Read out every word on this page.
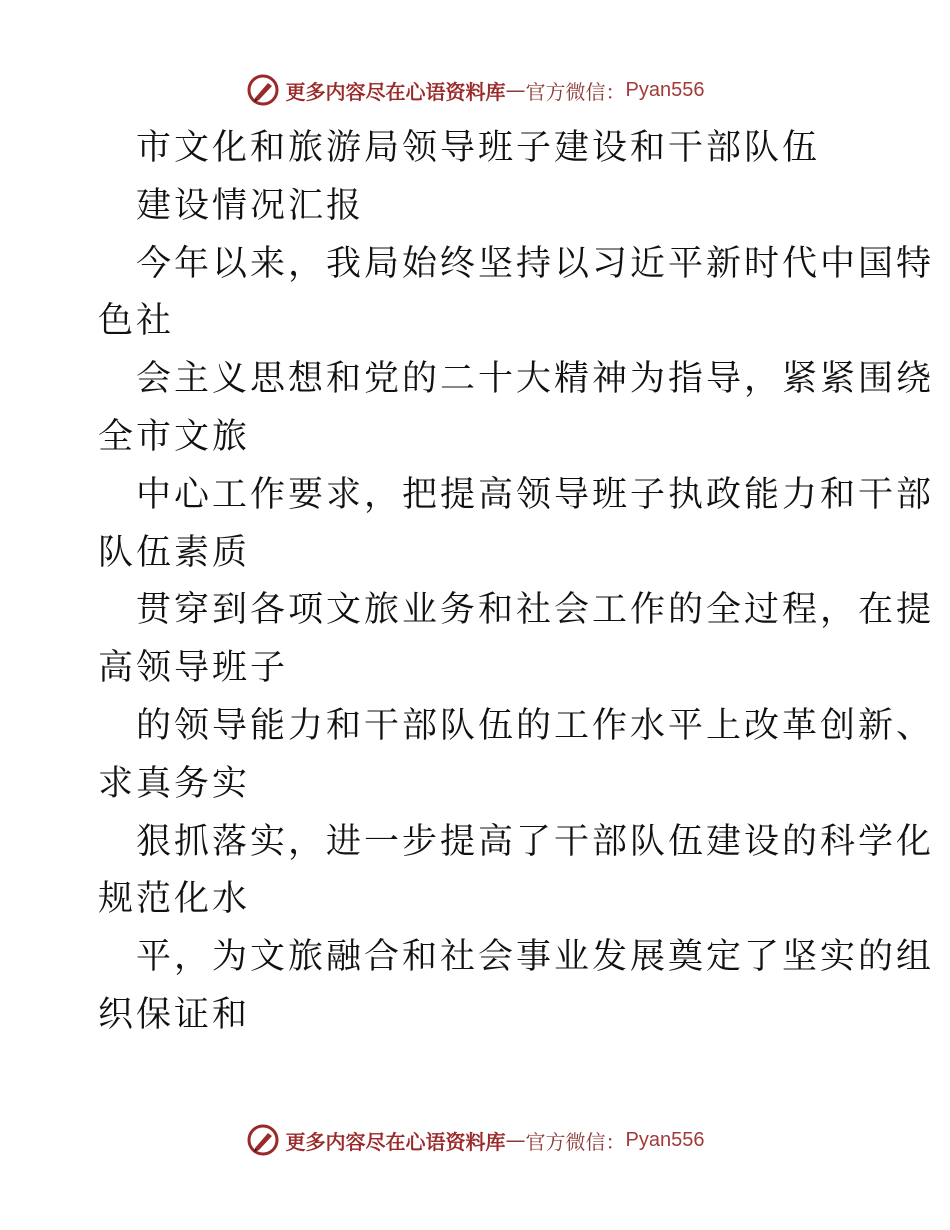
更多内容尽在心语资料库 — 官方微信： Pyan556
市文化和旅游局领导班子建设和干部队伍
建设情况汇报
今年以来，我局始终坚持以习近平新时代中国特
色社
会主义思想和党的二十大精神为指导，紧紧围绕
全市文旅
中心工作要求，把提高领导班子执政能力和干部
队伍素质
贯穿到各项文旅业务和社会工作的全过程，在提
高领导班子
的领导能力和干部队伍的工作水平上改革创新、
求真务实
狠抓落实，进一步提高了干部队伍建设的科学化
规范化水
平，为文旅融合和社会事业发展奠定了坚实的组
织保证和
更多内容尽在心语资料库 — 官方微信： Pyan556
